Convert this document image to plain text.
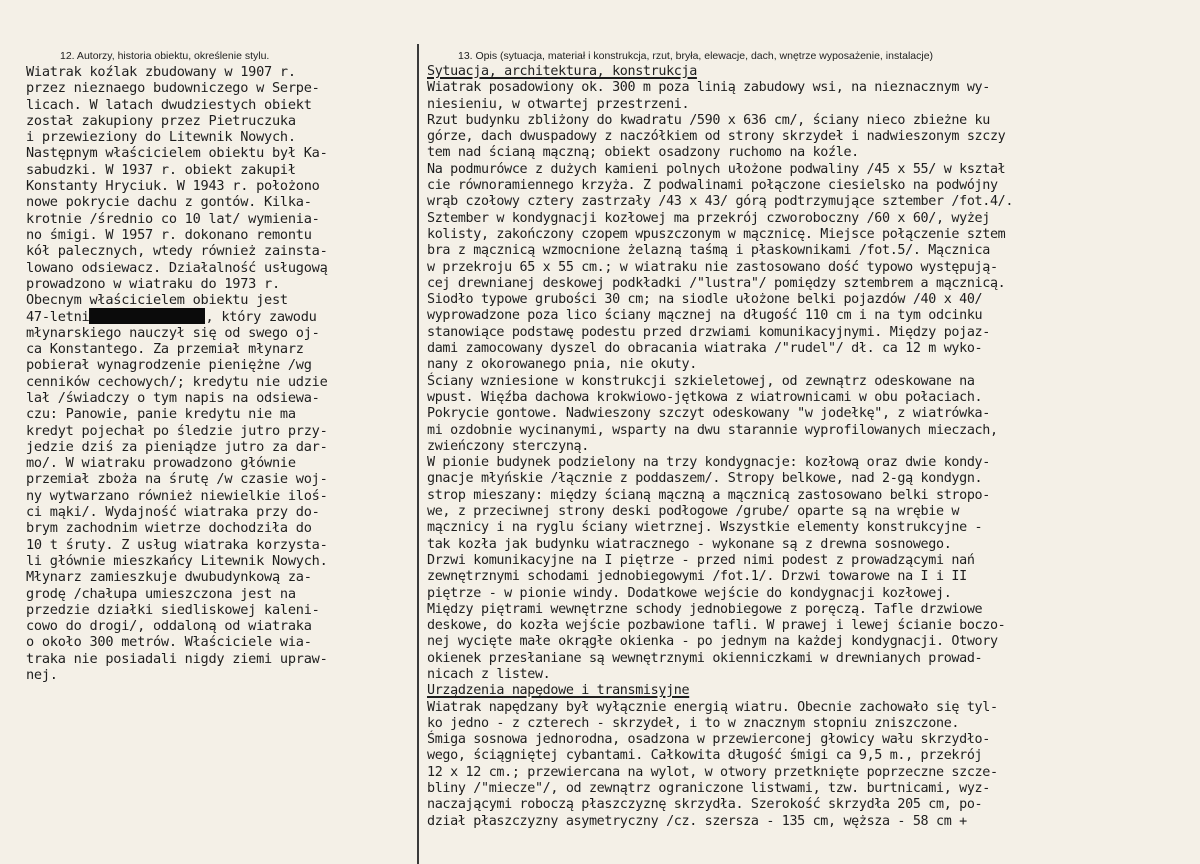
12. Autorzy, historia obiektu, określenie stylu.	13. Opis (sytuacja, materiał i konstrukcja, rzut, bryła, elewacje, dach, wnętrze wyposażenie, instalacje)
Wiatrak koźlak zbudowany w 1907 r.
przez nieznaego budowniczego w Serpe-
licach. W latach dwudziestych obiekt
został zakupiony przez Pietruczuka
i przewieziony do Litewnik Nowych.
Następnym właścicielem obiektu był Ka-
sabudzki. W 1937 r. obiekt zakupił
Konstanty Hryciuk. W 1943 r. położono
nowe pokrycie dachu z gontów. Kilka-
krotnie /średnio co 10 lat/ wymienia-
no śmigi. W 1957 r. dokonano remontu
kół palecznych, wtedy również zainsta-
lowano odsiewacz. Działalność usługową
prowadzono w wiatraku do 1973 r.
Obecnym właścicielem obiektu jest
47-letni	, który zawodu
młynarskiego nauczył się od swego oj-
ca Konstantego. Za przemiał młynarz
pobierał wynagrodzenie pieniężne /wg
cenników cechowych/; kredytu nie udzie
lał /świadczy o tym napis na odsiewa-
czu: Panowie, panie kredytu nie ma
kredyt pojechał po śledzie jutro przy-
jedzie dziś za pieniądze jutro za dar-
mo/. W wiatraku prowadzono głównie
przemiał zboża na śrutę /w czasie woj-
ny wytwarzano również niewielkie iloś-
ci mąki/. Wydajność wiatraka przy do-
brym zachodnim wietrze dochodziła do
10 t śruty. Z usług wiatraka korzysta-
li głównie mieszkańcy Litewnik Nowych.
Młynarz zamieszkuje dwubudynkową za-
grodę /chałupa umieszczona jest na
przedzie działki siedliskowej kaleni-
cowo do drogi/, oddaloną od wiatraka
o około 300 metrów. Właściciele wia-
traka nie posiadali nigdy ziemi upraw-
nej.
Sytuacja, architektura, konstrukcja
Wiatrak posadowiony ok. 300 m poza linią zabudowy wsi, na nieznacznym wy-
niesieniu, w otwartej przestrzeni.
Rzut budynku zbliżony do kwadratu /590 x 636 cm/, ściany nieco zbieżne ku
górze, dach dwuspadowy z naczółkiem od strony skrzydeł i nadwieszonym szczy
tem nad ścianą mączną; obiekt osadzony ruchomo na koźle.
Na podmurówce z dużych kamieni polnych ułożone podwaliny /45 x 55/ w kształ
cie równoramiennego krzyża. Z podwalinami połączone ciesielsko na podwójny
wrąb czołowy cztery zastrzały /43 x 43/ górą podtrzymujące sztember /fot.4/.
Sztember w kondygnacji kozłowej ma przekrój czworoboczny /60 x 60/, wyżej
kolisty, zakończony czopem wpuszczonym w mącznicę. Miejsce połączenie sztem
bra z mącznicą wzmocnione żelazną taśmą i płaskownikami /fot.5/. Mącznica
w przekroju 65 x 55 cm.; w wiatraku nie zastosowano dość typowo występują-
cej drewnianej deskowej podkładki /"lustra"/ pomiędzy sztembrem a mącznicą.
Siodło typowe grubości 30 cm; na siodle ułożone belki pojazdów /40 x 40/
wyprowadzone poza lico ściany mącznej na długość 110 cm i na tym odcinku
stanowiące podstawę podestu przed drzwiami komunikacyjnymi. Między pojaz-
dami zamocowany dyszel do obracania wiatraka /"rudel"/ dł. ca 12 m wyko-
nany z okorowanego pnia, nie okuty.
Ściany wzniesione w konstrukcji szkieletowej, od zewnątrz odeskowane na
wpust. Więźba dachowa krokwiowo-jętkowa z wiatrownicami w obu połaciach.
Pokrycie gontowe. Nadwieszony szczyt odeskowany "w jodełkę", z wiatrówka-
mi ozdobnie wycinanymi, wsparty na dwu starannie wyprofilowanych mieczach,
zwieńczony sterczyną.
W pionie budynek podzielony na trzy kondygnacje: kozłową oraz dwie kondy-
gnacje młyńskie /łącznie z poddaszem/. Stropy belkowe, nad 2-gą kondygn.
strop mieszany: między ścianą mączną a mącznicą zastosowano belki stropo-
we, z przeciwnej strony deski podłogowe /grube/ oparte są na wrębie w
mącznicy i na ryglu ściany wietrznej. Wszystkie elementy konstrukcyjne -
tak kozła jak budynku wiatracznego - wykonane są z drewna sosnowego.
Drzwi komunikacyjne na I piętrze - przed nimi podest z prowadzącymi nań
zewnętrznymi schodami jednobiegowymi /fot.1/. Drzwi towarowe na I i II
piętrze - w pionie windy. Dodatkowe wejście do kondygnacji kozłowej.
Między piętrami wewnętrzne schody jednobiegowe z poręczą. Tafle drzwiowe
deskowe, do kozła wejście pozbawione tafli. W prawej i lewej ścianie boczo-
nej wycięte małe okrągłe okienka - po jednym na każdej kondygnacji. Otwory
okienek przesłaniane są wewnętrznymi okienniczkami w drewnianych prowad-
nicach z listew.
Urządzenia napędowe i transmisyjne
Wiatrak napędzany był wyłącznie energią wiatru. Obecnie zachowało się tyl-
ko jedno - z czterech - skrzydeł, i to w znacznym stopniu zniszczone.
Śmiga sosnowa jednorodna, osadzona w przewierconej głowicy wału skrzydło-
wego, ściągniętej cybantami. Całkowita długość śmigi ca 9,5 m., przekrój
12 x 12 cm.; przewiercana na wylot, w otwory przetknięte poprzeczne szcze-
bliny /"miecze"/, od zewnątrz ograniczone listwami, tzw. burtnicami, wyz-
naczającymi roboczą płaszczyznę skrzydła. Szerokość skrzydła 205 cm, po-
dział płaszczyzny asymetryczny /cz. szersza - 135 cm, węższa - 58 cm +
